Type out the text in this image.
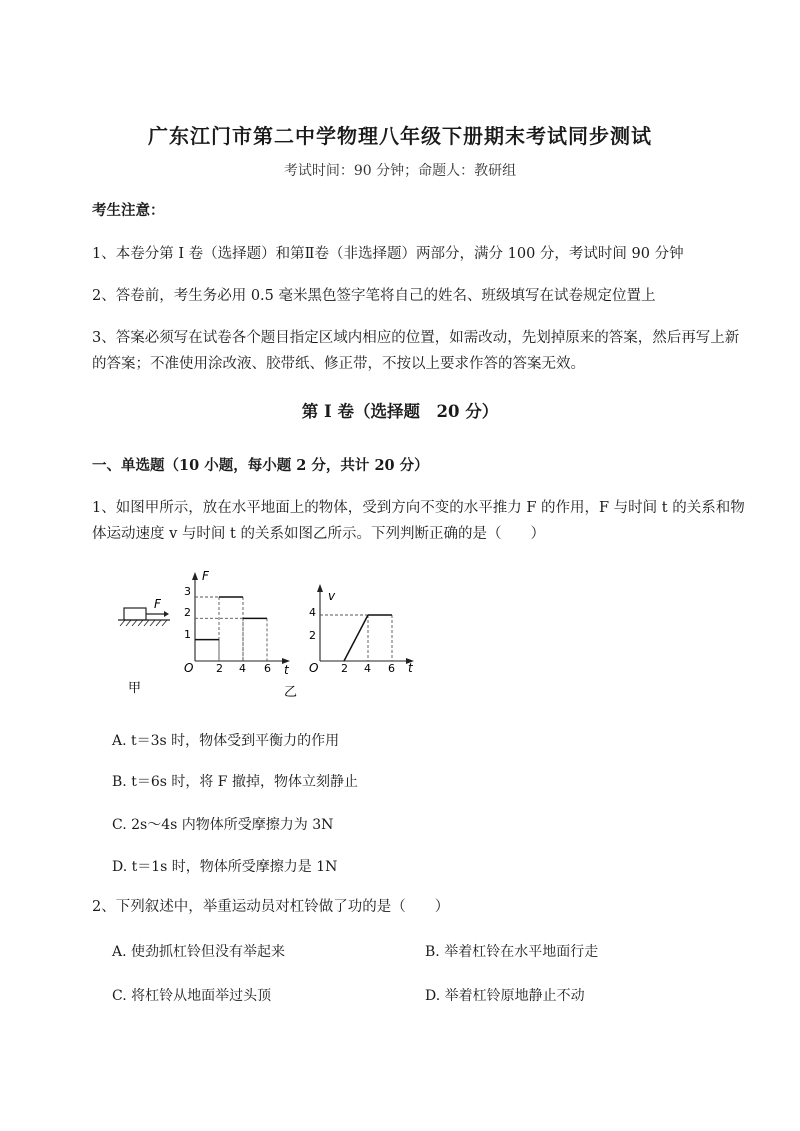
广东江门市第二中学物理八年级下册期末考试同步测试
考试时间：90 分钟；命题人：教研组
考生注意：
1、本卷分第 I 卷（选择题）和第Ⅱ卷（非选择题）两部分，满分 100 分，考试时间 90 分钟
2、答卷前，考生务必用 0.5 毫米黑色签字笔将自己的姓名、班级填写在试卷规定位置上
3、答案必须写在试卷各个题目指定区域内相应的位置，如需改动，先划掉原来的答案，然后再写上新
的答案；不准使用涂改液、胶带纸、修正带，不按以上要求作答的答案无效。
第 I 卷（选择题　20 分）
一、单选题（10 小题，每小题 2 分，共计 20 分）
1、如图甲所示，放在水平地面上的物体，受到方向不变的水平推力 F 的作用，F 与时间 t 的关系和物
体运动速度 v 与时间 t 的关系如图乙所示。下列判断正确的是（　　）
F
甲
F
t
O
1
2
3
2 4 6
乙
v
t
O
4
2
2 4 6
A. t＝3s 时，物体受到平衡力的作用
B. t＝6s 时，将 F 撤掉，物体立刻静止
C. 2s～4s 内物体所受摩擦力为 3N
D. t＝1s 时，物体所受摩擦力是 1N
2、下列叙述中，举重运动员对杠铃做了功的是（　　）
A. 使劲抓杠铃但没有举起来	B. 举着杠铃在水平地面行走
C. 将杠铃从地面举过头顶	D. 举着杠铃原地静止不动
